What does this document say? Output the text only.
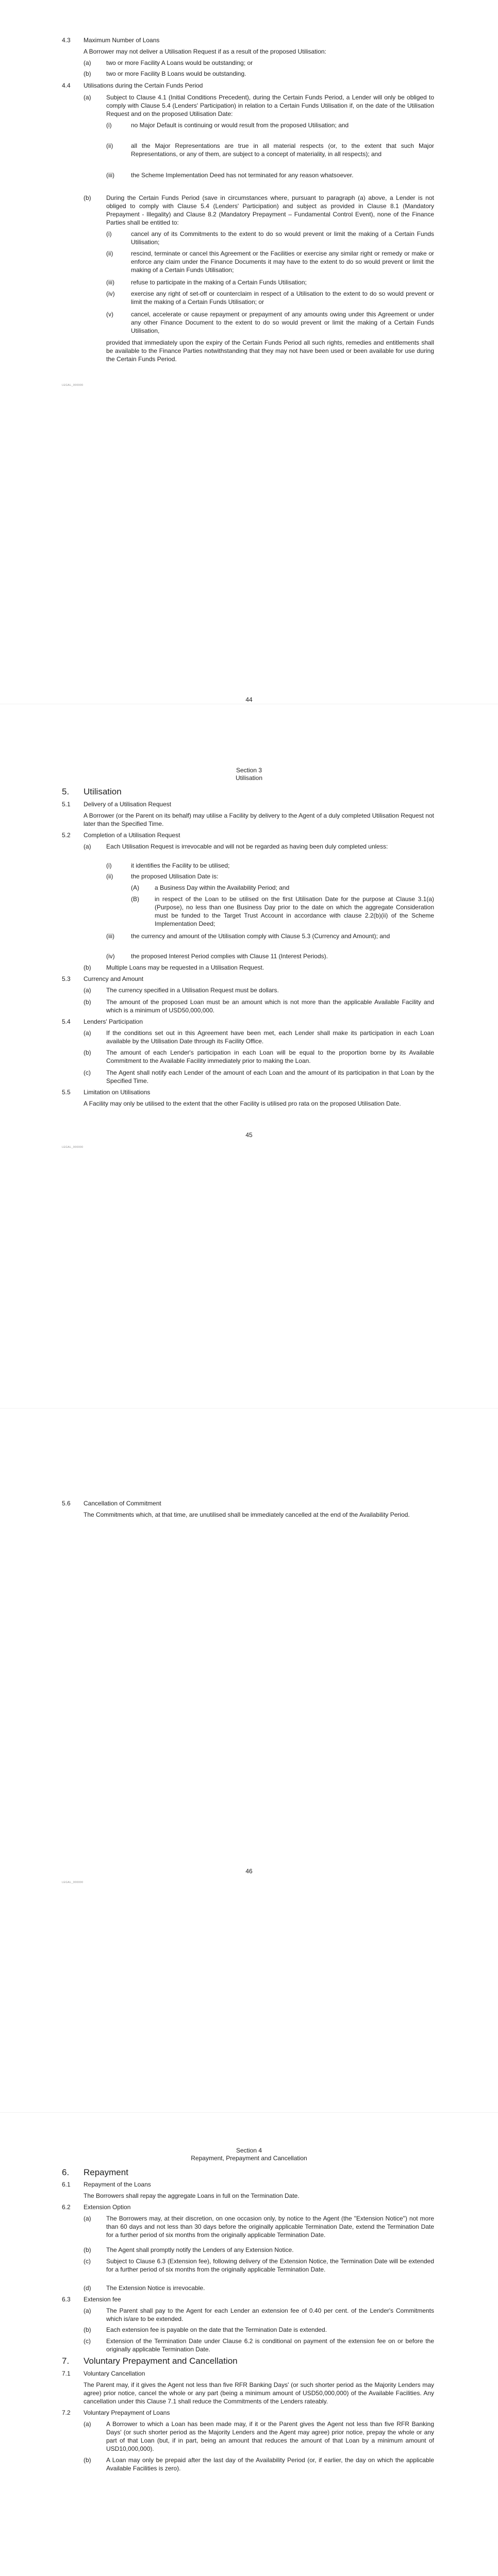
4.3 Maximum Number of Loans
A Borrower may not deliver a Utilisation Request if as a result of the proposed Utilisation:
(a) two or more Facility A Loans would be outstanding; or
(b) two or more Facility B Loans would be outstanding.
4.4 Utilisations during the Certain Funds Period
(a) Subject to Clause 4.1 (Initial Conditions Precedent), during the Certain Funds Period, a Lender will only be obliged to comply with Clause 5.4 (Lenders' Participation) in relation to a Certain Funds Utilisation if, on the date of the Utilisation Request and on the proposed Utilisation Date:
(i)	no Major Default is continuing or would result from the proposed Utilisation; and
(ii)	all the Major Representations are true in all material respects (or, to the extent that such Major Representations, or any of them, are subject to a concept of materiality, in all respects); and
(iii)	the Scheme Implementation Deed has not terminated for any reason whatsoever.
(b) During the Certain Funds Period (save in circumstances where, pursuant to paragraph (a) above, a Lender is not obliged to comply with Clause 5.4 (Lenders' Participation) and subject as provided in Clause 8.1 (Mandatory Prepayment - Illegality) and Clause 8.2 (Mandatory Prepayment – Fundamental Control Event), none of the Finance Parties shall be entitled to:
(i)	cancel any of its Commitments to the extent to do so would prevent or limit the making of a Certain Funds Utilisation;
(ii)	rescind, terminate or cancel this Agreement or the Facilities or exercise any similar right or remedy or make or enforce any claim under the Finance Documents it may have to the extent to do so would prevent or limit the making of a Certain Funds Utilisation;
(iii)	refuse to participate in the making of a Certain Funds Utilisation;
(iv)	exercise any right of set-off or counterclaim in respect of a Utilisation to the extent to do so would prevent or limit the making of a Certain Funds Utilisation; or
(v)	cancel, accelerate or cause repayment or prepayment of any amounts owing under this Agreement or under any other Finance Document to the extent to do so would prevent or limit the making of a Certain Funds Utilisation,
provided that immediately upon the expiry of the Certain Funds Period all such rights, remedies and entitlements shall be available to the Finance Parties notwithstanding that they may not have been used or been available for use during the Certain Funds Period.
LEGAL_000000
44
Section 3
Utilisation
5. Utilisation
5.1 Delivery of a Utilisation Request
A Borrower (or the Parent on its behalf) may utilise a Facility by delivery to the Agent of a duly completed Utilisation Request not later than the Specified Time.
5.2 Completion of a Utilisation Request
(a) Each Utilisation Request is irrevocable and will not be regarded as having been duly completed unless:
(i)	it identifies the Facility to be utilised;
(ii)	the proposed Utilisation Date is:
(A)	a Business Day within the Availability Period; and
(B)	in respect of the Loan to be utilised on the first Utilisation Date for the purpose at Clause 3.1(a) (Purpose), no less than one Business Day prior to the date on which the aggregate Consideration must be funded to the Target Trust Account in accordance with clause 2.2(b)(ii) of the Scheme Implementation Deed;
(iii)	the currency and amount of the Utilisation comply with Clause 5.3 (Currency and Amount); and
(iv)	the proposed Interest Period complies with Clause 11 (Interest Periods).
(b) Multiple Loans may be requested in a Utilisation Request.
5.3 Currency and Amount
(a) The currency specified in a Utilisation Request must be dollars.
(b) The amount of the proposed Loan must be an amount which is not more than the applicable Available Facility and which is a minimum of USD50,000,000.
5.4 Lenders' Participation
(a) If the conditions set out in this Agreement have been met, each Lender shall make its participation in each Loan available by the Utilisation Date through its Facility Office.
(b) The amount of each Lender's participation in each Loan will be equal to the proportion borne by its Available Commitment to the Available Facility immediately prior to making the Loan.
(c)	The Agent shall notify each Lender of the amount of each Loan and the amount of its participation in that Loan by the Specified Time.
5.5 Limitation on Utilisations
A Facility may only be utilised to the extent that the other Facility is utilised pro rata on the proposed Utilisation Date.
45
LEGAL_000000
5.6 Cancellation of Commitment
The Commitments which, at that time, are unutilised shall be immediately cancelled at the end of the Availability Period.
46
LEGAL_000000
Section 4
Repayment, Prepayment and Cancellation
6. Repayment
6.1 Repayment of the Loans
The Borrowers shall repay the aggregate Loans in full on the Termination Date.
6.2 Extension Option
(a) The Borrowers may, at their discretion, on one occasion only, by notice to the Agent (the "Extension Notice") not more than 60 days and not less than 30 days before the originally applicable Termination Date, extend the Termination Date for a further period of six months from the originally applicable Termination Date.
(b) The Agent shall promptly notify the Lenders of any Extension Notice.
(c)	Subject to Clause 6.3 (Extension fee), following delivery of the Extension Notice, the Termination Date will be extended for a further period of six months from the originally applicable Termination Date.
(d) The Extension Notice is irrevocable.
6.3 Extension fee
(a) The Parent shall pay to the Agent for each Lender an extension fee of 0.40 per cent. of the Lender's Commitments which is/are to be extended.
(b) Each extension fee is payable on the date that the Termination Date is extended.
(c)	Extension of the Termination Date under Clause 6.2 is conditional on payment of the extension fee on or before the originally applicable Termination Date.
7. Voluntary Prepayment and Cancellation
7.1 Voluntary Cancellation
The Parent may, if it gives the Agent not less than five RFR Banking Days' (or such shorter period as the Majority Lenders may agree) prior notice, cancel the whole or any part (being a minimum amount of USD50,000,000) of the Available Facilities. Any cancellation under this Clause 7.1 shall reduce the Commitments of the Lenders rateably.
7.2 Voluntary Prepayment of Loans
(a) A Borrower to which a Loan has been made may, if it or the Parent gives the Agent not less than five RFR Banking Days' (or such shorter period as the Majority Lenders and the Agent may agree) prior notice, prepay the whole or any part of that Loan (but, if in part, being an amount that reduces the amount of that Loan by a minimum amount of USD10,000,000).
(b) A Loan may only be prepaid after the last day of the Availability Period (or, if earlier, the day on which the applicable Available Facilities is zero).
